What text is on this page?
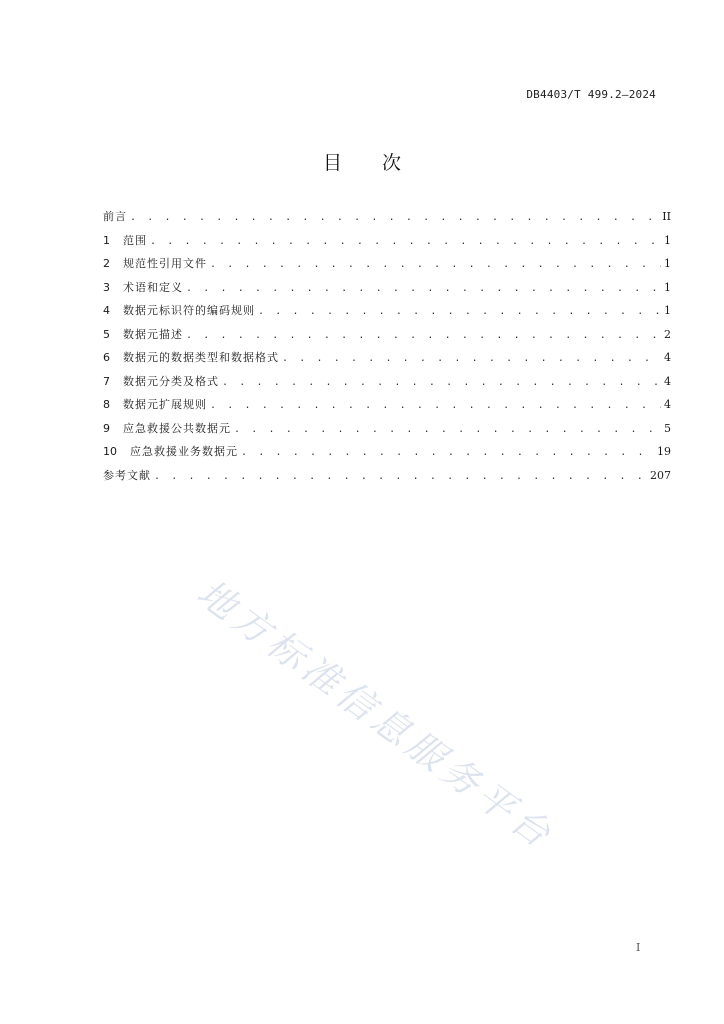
DB4403/T 499.2—2024
目 次
前言 . . .	II
1	范围 . . .	1
2	规范性引用文件 . . .	1
3	术语和定义 . . .	1
4	数据元标识符的编码规则 . . .	1
5	数据元描述 . . .	2
6	数据元的数据类型和数据格式 . . .	4
7	数据元分类及格式 . . .	4
8	数据元扩展规则 . . .	4
9	应急救援公共数据元 . . .	5
10	应急救援业务数据元 . . .	19
参考文献 . . .	207
地方标准信息服务平台
I
